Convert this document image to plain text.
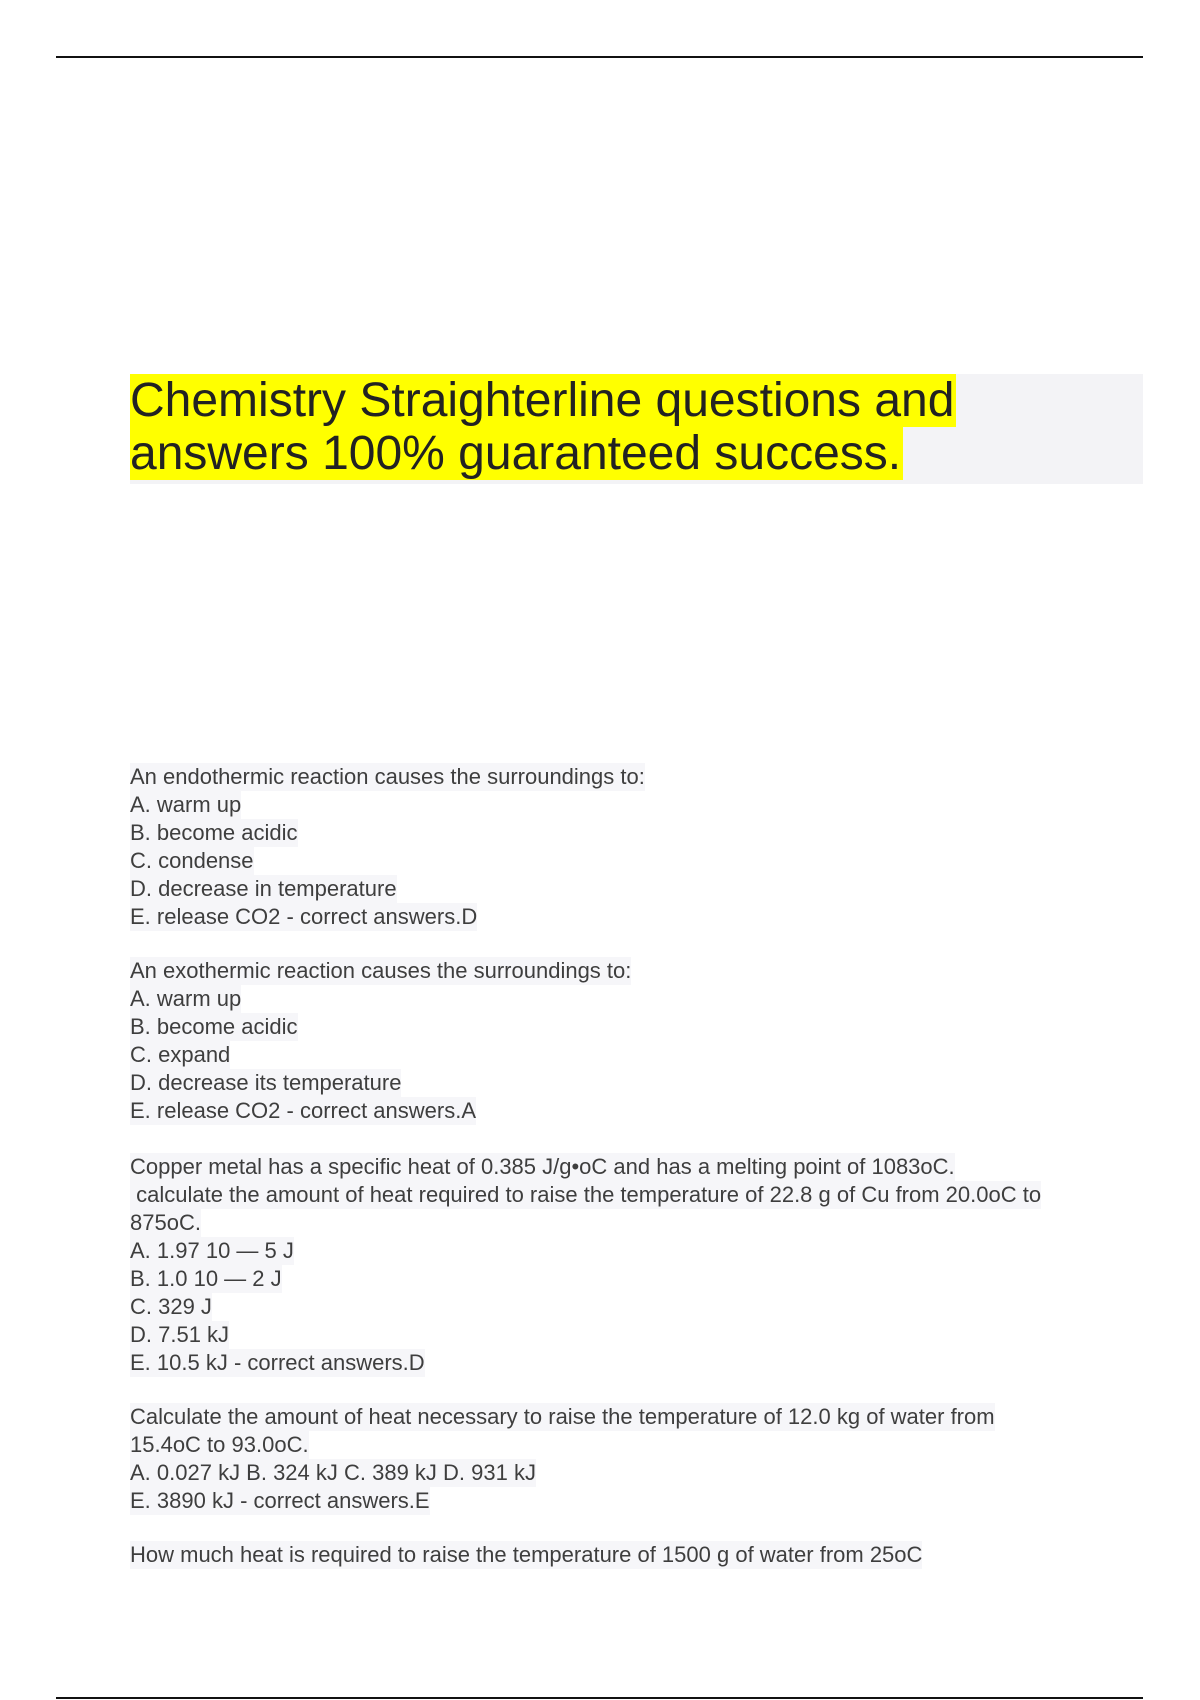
Chemistry Straighterline questions and
answers 100% guaranteed success.
An endothermic reaction causes the surroundings to:
A. warm up
B. become acidic
C. condense
D. decrease in temperature
E. release CO2 - correct answers.D
An exothermic reaction causes the surroundings to:
A. warm up
B. become acidic
C. expand
D. decrease its temperature
E. release CO2 - correct answers.A
Copper metal has a specific heat of 0.385 J/g•oC and has a melting point of 1083oC.
calculate the amount of heat required to raise the temperature of 22.8 g of Cu from 20.0oC to
875oC.
A. 1.97 10 — 5 J
B. 1.0 10 — 2 J
C. 329 J
D. 7.51 kJ
E. 10.5 kJ - correct answers.D
Calculate the amount of heat necessary to raise the temperature of 12.0 kg of water from
15.4oC to 93.0oC.
A. 0.027 kJ B. 324 kJ C. 389 kJ D. 931 kJ
E. 3890 kJ - correct answers.E
How much heat is required to raise the temperature of 1500 g of water from 25oC
